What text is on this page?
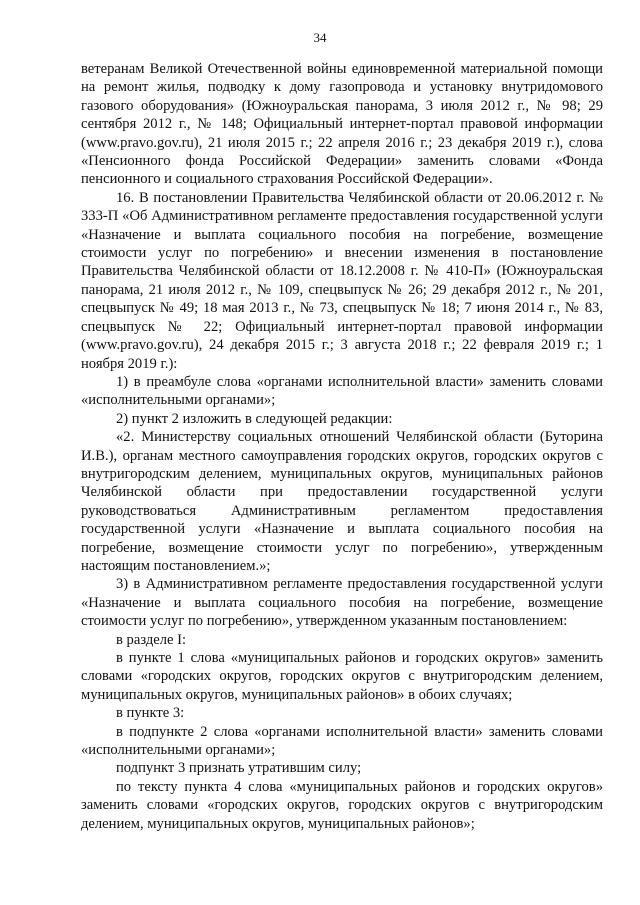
34

ветеранам Великой Отечественной войны единовременной материальной помощи на ремонт жилья, подводку к дому газопровода и установку внутридомового газового оборудования» (Южноуральская панорама, 3 июля 2012 г., № 98; 29 сентября 2012 г., № 148; Официальный интернет-портал правовой информации (www.pravo.gov.ru), 21 июля 2015 г.; 22 апреля 2016 г.; 23 декабря 2019 г.), слова «Пенсионного фонда Российской Федерации» заменить словами «Фонда пенсионного и социального страхования Российской Федерации».

16. В постановлении Правительства Челябинской области от 20.06.2012 г. № 333-П «Об Административном регламенте предоставления государственной услуги «Назначение и выплата социального пособия на погребение, возмещение стоимости услуг по погребению» и внесении изменения в постановление Правительства Челябинской области от 18.12.2008 г. № 410-П» (Южноуральская панорама, 21 июля 2012 г., № 109, спецвыпуск № 26; 29 декабря 2012 г., № 201, спецвыпуск № 49; 18 мая 2013 г., № 73, спецвыпуск № 18; 7 июня 2014 г., № 83, спецвыпуск № 22; Официальный интернет-портал правовой информации (www.pravo.gov.ru), 24 декабря 2015 г.; 3 августа 2018 г.; 22 февраля 2019 г.; 1 ноября 2019 г.):

1) в преамбуле слова «органами исполнительной власти» заменить словами «исполнительными органами»;

2) пункт 2 изложить в следующей редакции:

«2. Министерству социальных отношений Челябинской области (Буторина И.В.), органам местного самоуправления городских округов, городских округов с внутригородским делением, муниципальных округов, муниципальных районов Челябинской области при предоставлении государственной услуги руководствоваться Административным регламентом предоставления государственной услуги «Назначение и выплата социального пособия на погребение, возмещение стоимости услуг по погребению», утвержденным настоящим постановлением.»;

3) в Административном регламенте предоставления государственной услуги «Назначение и выплата социального пособия на погребение, возмещение стоимости услуг по погребению», утвержденном указанным постановлением:

в разделе I:

в пункте 1 слова «муниципальных районов и городских округов» заменить словами «городских округов, городских округов с внутригородским делением, муниципальных округов, муниципальных районов» в обоих случаях;

в пункте 3:

в подпункте 2 слова «органами исполнительной власти» заменить словами «исполнительными органами»;

подпункт 3 признать утратившим силу;

по тексту пункта 4 слова «муниципальных районов и городских округов» заменить словами «городских округов, городских округов с внутригородским делением, муниципальных округов, муниципальных районов»;
